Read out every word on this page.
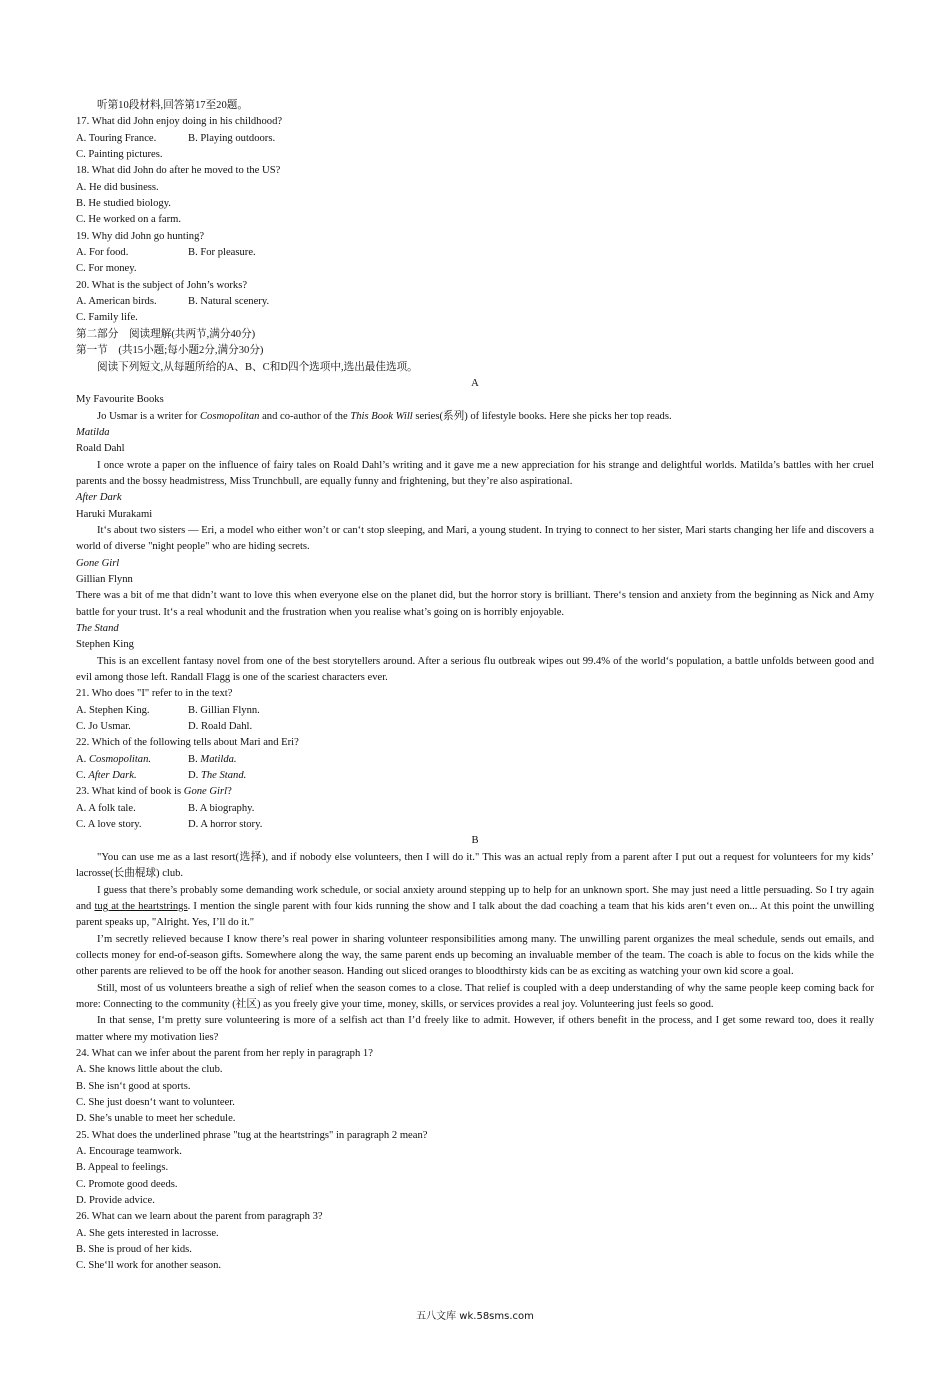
听第10段材料,回答第17至20题。
17. What did John enjoy doing in his childhood?
A. Touring France.	B. Playing outdoors.
C. Painting pictures.
18. What did John do after he moved to the US?
A. He did business.
B. He studied biology.
C. He worked on a farm.
19. Why did John go hunting?
A. For food.	B. For pleasure.
C. For money.
20. What is the subject of John’s works?
A. American birds.	B. Natural scenery.
C. Family life.
第二部分　阅读理解(共两节,满分40分)
第一节　(共15小题;每小题2分,满分30分)
阅读下列短文,从每题所给的A、B、C和D四个选项中,选出最佳选项。
A
My Favourite Books
Jo Usmar is a writer for Cosmopolitan and co-author of the This Book Will series(系列) of lifestyle books. Here she picks her top reads.
Matilda
Roald Dahl
I once wrote a paper on the influence of fairy tales on Roald Dahl’s writing and it gave me a new appreciation for his strange and delightful worlds. Matilda’s battles with her cruel parents and the bossy headmistress, Miss Trunchbull, are equally funny and frightening, but they’re also aspirational.
After Dark
Haruki Murakami
It‘s about two sisters — Eri, a model who either won’t or can‘t stop sleeping, and Mari, a young student. In trying to connect to her sister, Mari starts changing her life and discovers a world of diverse "night people" who are hiding secrets.
Gone Girl
Gillian Flynn
There was a bit of me that didn’t want to love this when everyone else on the planet did, but the horror story is brilliant. There‘s tension and anxiety from the beginning as Nick and Amy battle for your trust. It‘s a real whodunit and the frustration when you realise what’s going on is horribly enjoyable.
The Stand
Stephen King
This is an excellent fantasy novel from one of the best storytellers around. After a serious flu outbreak wipes out 99.4% of the world‘s population, a battle unfolds between good and evil among those left. Randall Flagg is one of the scariest characters ever.
21. Who does "I" refer to in the text?
A. Stephen King.	B. Gillian Flynn.
C. Jo Usmar.	D. Roald Dahl.
22. Which of the following tells about Mari and Eri?
A. Cosmopolitan.	B. Matilda.
C. After Dark.	D. The Stand.
23. What kind of book is Gone Girl?
A. A folk tale.	B. A biography.
C. A love story.	D. A horror story.
B
"You can use me as a last resort(选择), and if nobody else volunteers, then I will do it." This was an actual reply from a parent after I put out a request for volunteers for my kids’ lacrosse(长曲棍球) club.
I guess that there’s probably some demanding work schedule, or social anxiety around stepping up to help for an unknown sport. She may just need a little persuading. So I try again and tug at the heartstrings. I mention the single parent with four kids running the show and I talk about the dad coaching a team that his kids aren‘t even on... At this point the unwilling parent speaks up, "Alright. Yes, I’ll do it."
I’m secretly relieved because I know there’s real power in sharing volunteer responsibilities among many. The unwilling parent organizes the meal schedule, sends out emails, and collects money for end-of-season gifts. Somewhere along the way, the same parent ends up becoming an invaluable member of the team. The coach is able to focus on the kids while the other parents are relieved to be off the hook for another season. Handing out sliced oranges to bloodthirsty kids can be as exciting as watching your own kid score a goal.
Still, most of us volunteers breathe a sigh of relief when the season comes to a close. That relief is coupled with a deep understanding of why the same people keep coming back for more: Connecting to the community (社区) as you freely give your time, money, skills, or services provides a real joy. Volunteering just feels so good.
In that sense, I‘m pretty sure volunteering is more of a selfish act than I’d freely like to admit. However, if others benefit in the process, and I get some reward too, does it really matter where my motivation lies?
24. What can we infer about the parent from her reply in paragraph 1?
A. She knows little about the club.
B. She isn‘t good at sports.
C. She just doesn‘t want to volunteer.
D. She’s unable to meet her schedule.
25. What does the underlined phrase "tug at the heartstrings" in paragraph 2 mean?
A. Encourage teamwork.
B. Appeal to feelings.
C. Promote good deeds.
D. Provide advice.
26. What can we learn about the parent from paragraph 3?
A. She gets interested in lacrosse.
B. She is proud of her kids.
C. She‘ll work for another season.
五八文库 wk.58sms.com
